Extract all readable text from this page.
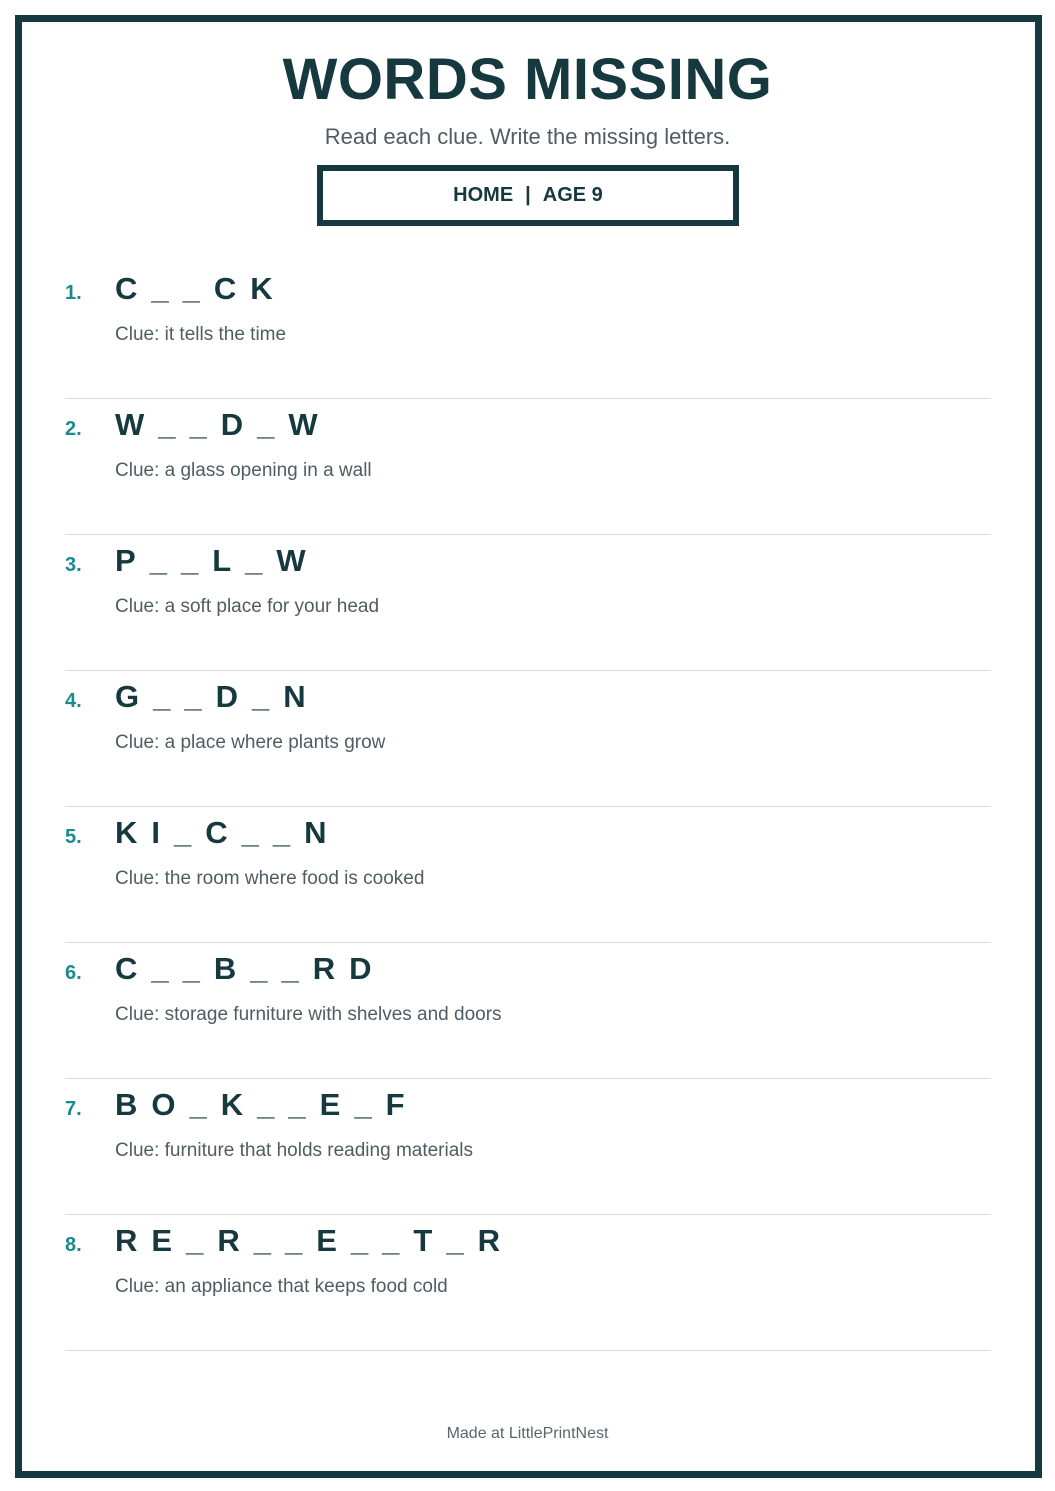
WORDS MISSING
Read each clue. Write the missing letters.
HOME | AGE 9
1. C _ _ C K
Clue: it tells the time
2. W _ _ D _ W
Clue: a glass opening in a wall
3. P _ _ L _ W
Clue: a soft place for your head
4. G _ _ D _ N
Clue: a place where plants grow
5. K I _ C _ _ N
Clue: the room where food is cooked
6. C _ _ B _ _ R D
Clue: storage furniture with shelves and doors
7. B O _ K _ _ E _ F
Clue: furniture that holds reading materials
8. R E _ R _ _ E _ _ T _ R
Clue: an appliance that keeps food cold
Made at LittlePrintNest
